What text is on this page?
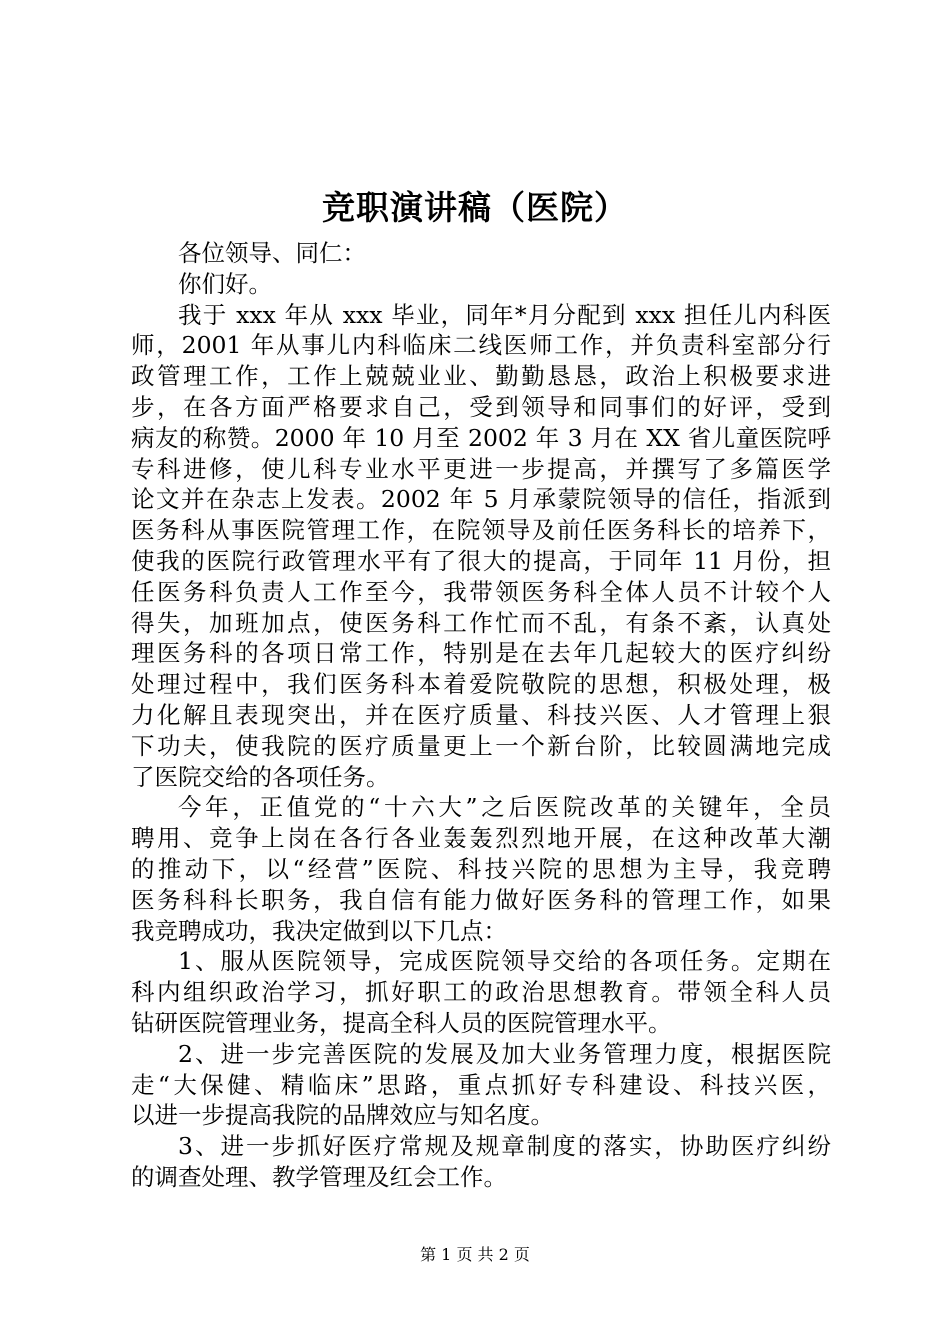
竞职演讲稿（医院）
各位领导、同仁：
你们好。
我于 xxx 年从 xxx 毕业，同年*月分配到 xxx 担任儿内科医
师，2001 年从事儿内科临床二线医师工作，并负责科室部分行
政管理工作，工作上兢兢业业、勤勤恳恳，政治上积极要求进
步，在各方面严格要求自己，受到领导和同事们的好评，受到
病友的称赞。2000 年 10 月至 2002 年 3 月在 XX 省儿童医院呼
专科进修，使儿科专业水平更进一步提高，并撰写了多篇医学
论文并在杂志上发表。2002 年 5 月承蒙院领导的信任，指派到
医务科从事医院管理工作，在院领导及前任医务科长的培养下，
使我的医院行政管理水平有了很大的提高，于同年 11 月份，担
任医务科负责人工作至今，我带领医务科全体人员不计较个人
得失，加班加点，使医务科工作忙而不乱，有条不紊，认真处
理医务科的各项日常工作，特别是在去年几起较大的医疗纠纷
处理过程中，我们医务科本着爱院敬院的思想，积极处理，极
力化解且表现突出，并在医疗质量、科技兴医、人才管理上狠
下功夫，使我院的医疗质量更上一个新台阶，比较圆满地完成
了医院交给的各项任务。
今年，正值党的“十六大”之后医院改革的关键年，全员
聘用、竞争上岗在各行各业轰轰烈烈地开展，在这种改革大潮
的推动下，以“经营”医院、科技兴院的思想为主导，我竞聘
医务科科长职务，我自信有能力做好医务科的管理工作，如果
我竞聘成功，我决定做到以下几点：
1、服从医院领导，完成医院领导交给的各项任务。定期在
科内组织政治学习，抓好职工的政治思想教育。带领全科人员
钻研医院管理业务，提高全科人员的医院管理水平。
2、进一步完善医院的发展及加大业务管理力度，根据医院
走“大保健、精临床”思路，重点抓好专科建设、科技兴医，
以进一步提高我院的品牌效应与知名度。
3、进一步抓好医疗常规及规章制度的落实，协助医疗纠纷
的调查处理、教学管理及红会工作。
第 1 页 共 2 页
